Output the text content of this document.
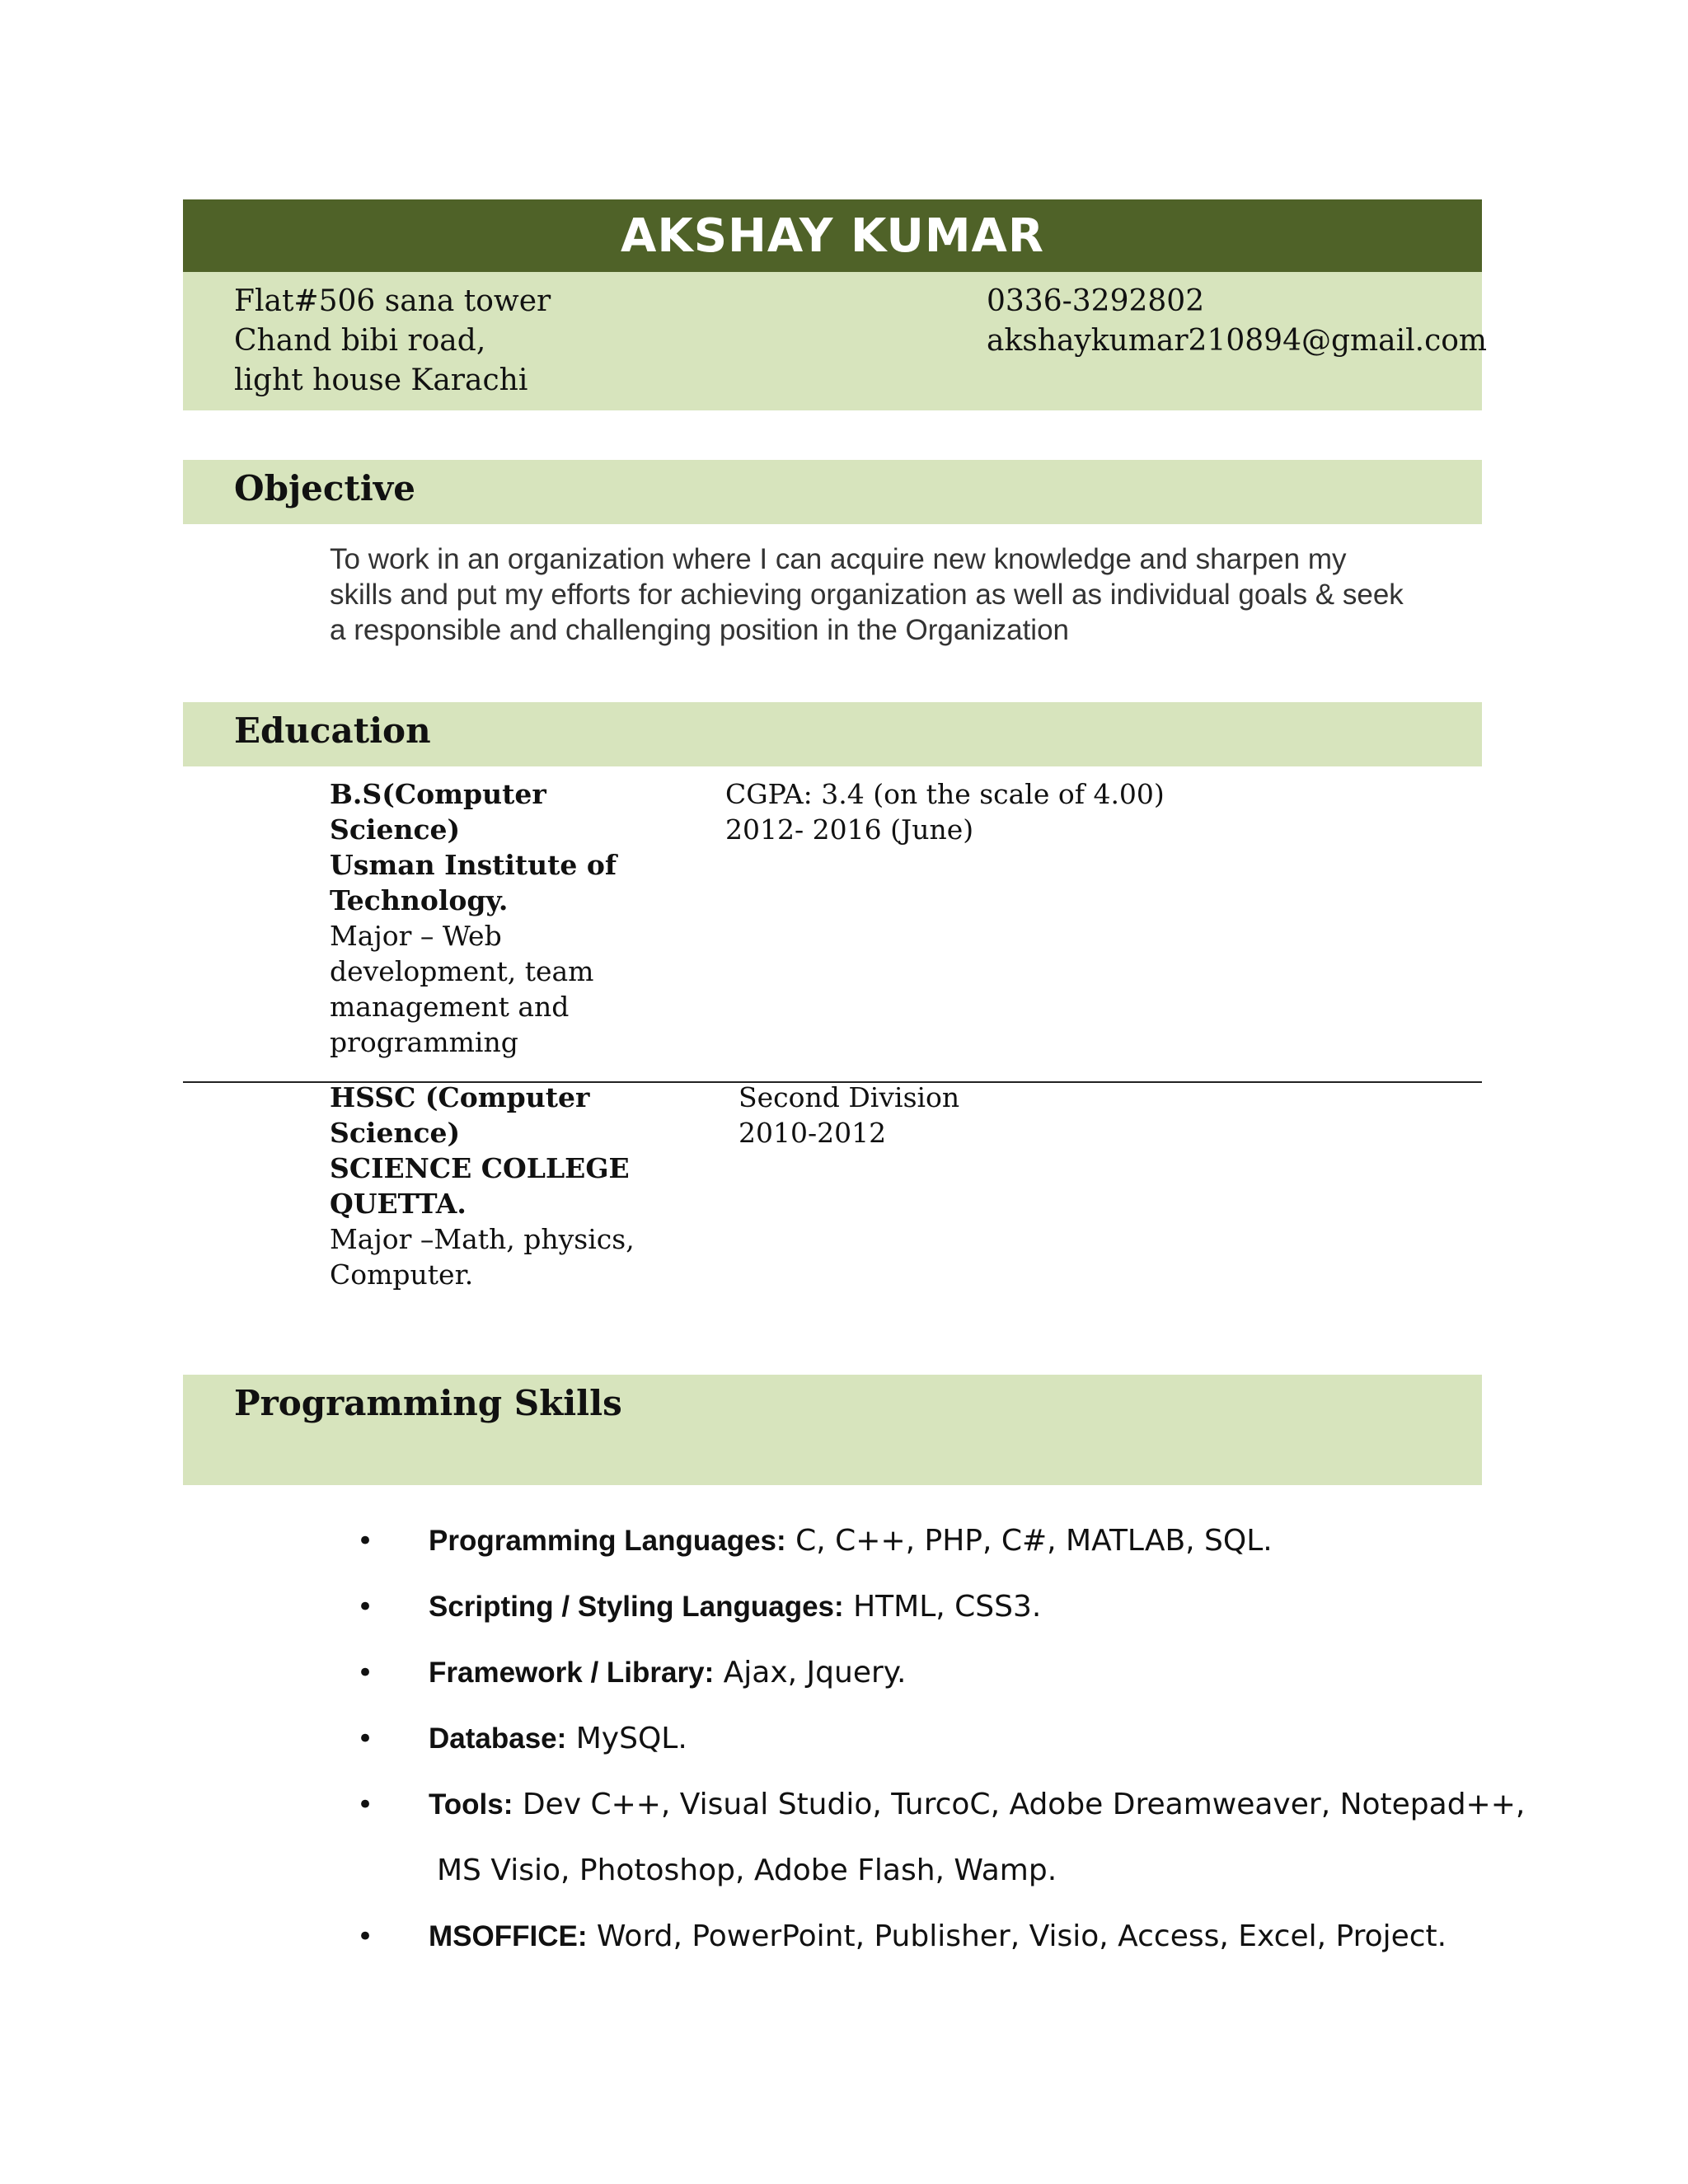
AKSHAY KUMAR
Flat#506 sana tower
Chand bibi road,
light house Karachi
0336-3292802
akshaykumar210894@gmail.com
Objective
To work in an organization where I can acquire new knowledge and sharpen my
skills and put my efforts for achieving organization as well as individual goals & seek
a responsible and challenging position in the Organization
Education
B.S(Computer
Science)
Usman Institute of
Technology.
Major – Web
development, team
management and
programming
CGPA: 3.4 (on the scale of 4.00)
2012- 2016 (June)
HSSC (Computer
Science)
SCIENCE COLLEGE
QUETTA.
Major –Math, physics,
Computer.
Second Division
2010-2012
Programming Skills
• Programming Languages: C, C++, PHP, C#, MATLAB, SQL.
• Scripting / Styling Languages: HTML, CSS3.
• Framework / Library: Ajax, Jquery.
• Database: MySQL.
• Tools: Dev C++, Visual Studio, TurcoC, Adobe Dreamweaver, Notepad++,
MS Visio, Photoshop, Adobe Flash, Wamp.
• MSOFFICE: Word, PowerPoint, Publisher, Visio, Access, Excel, Project.
